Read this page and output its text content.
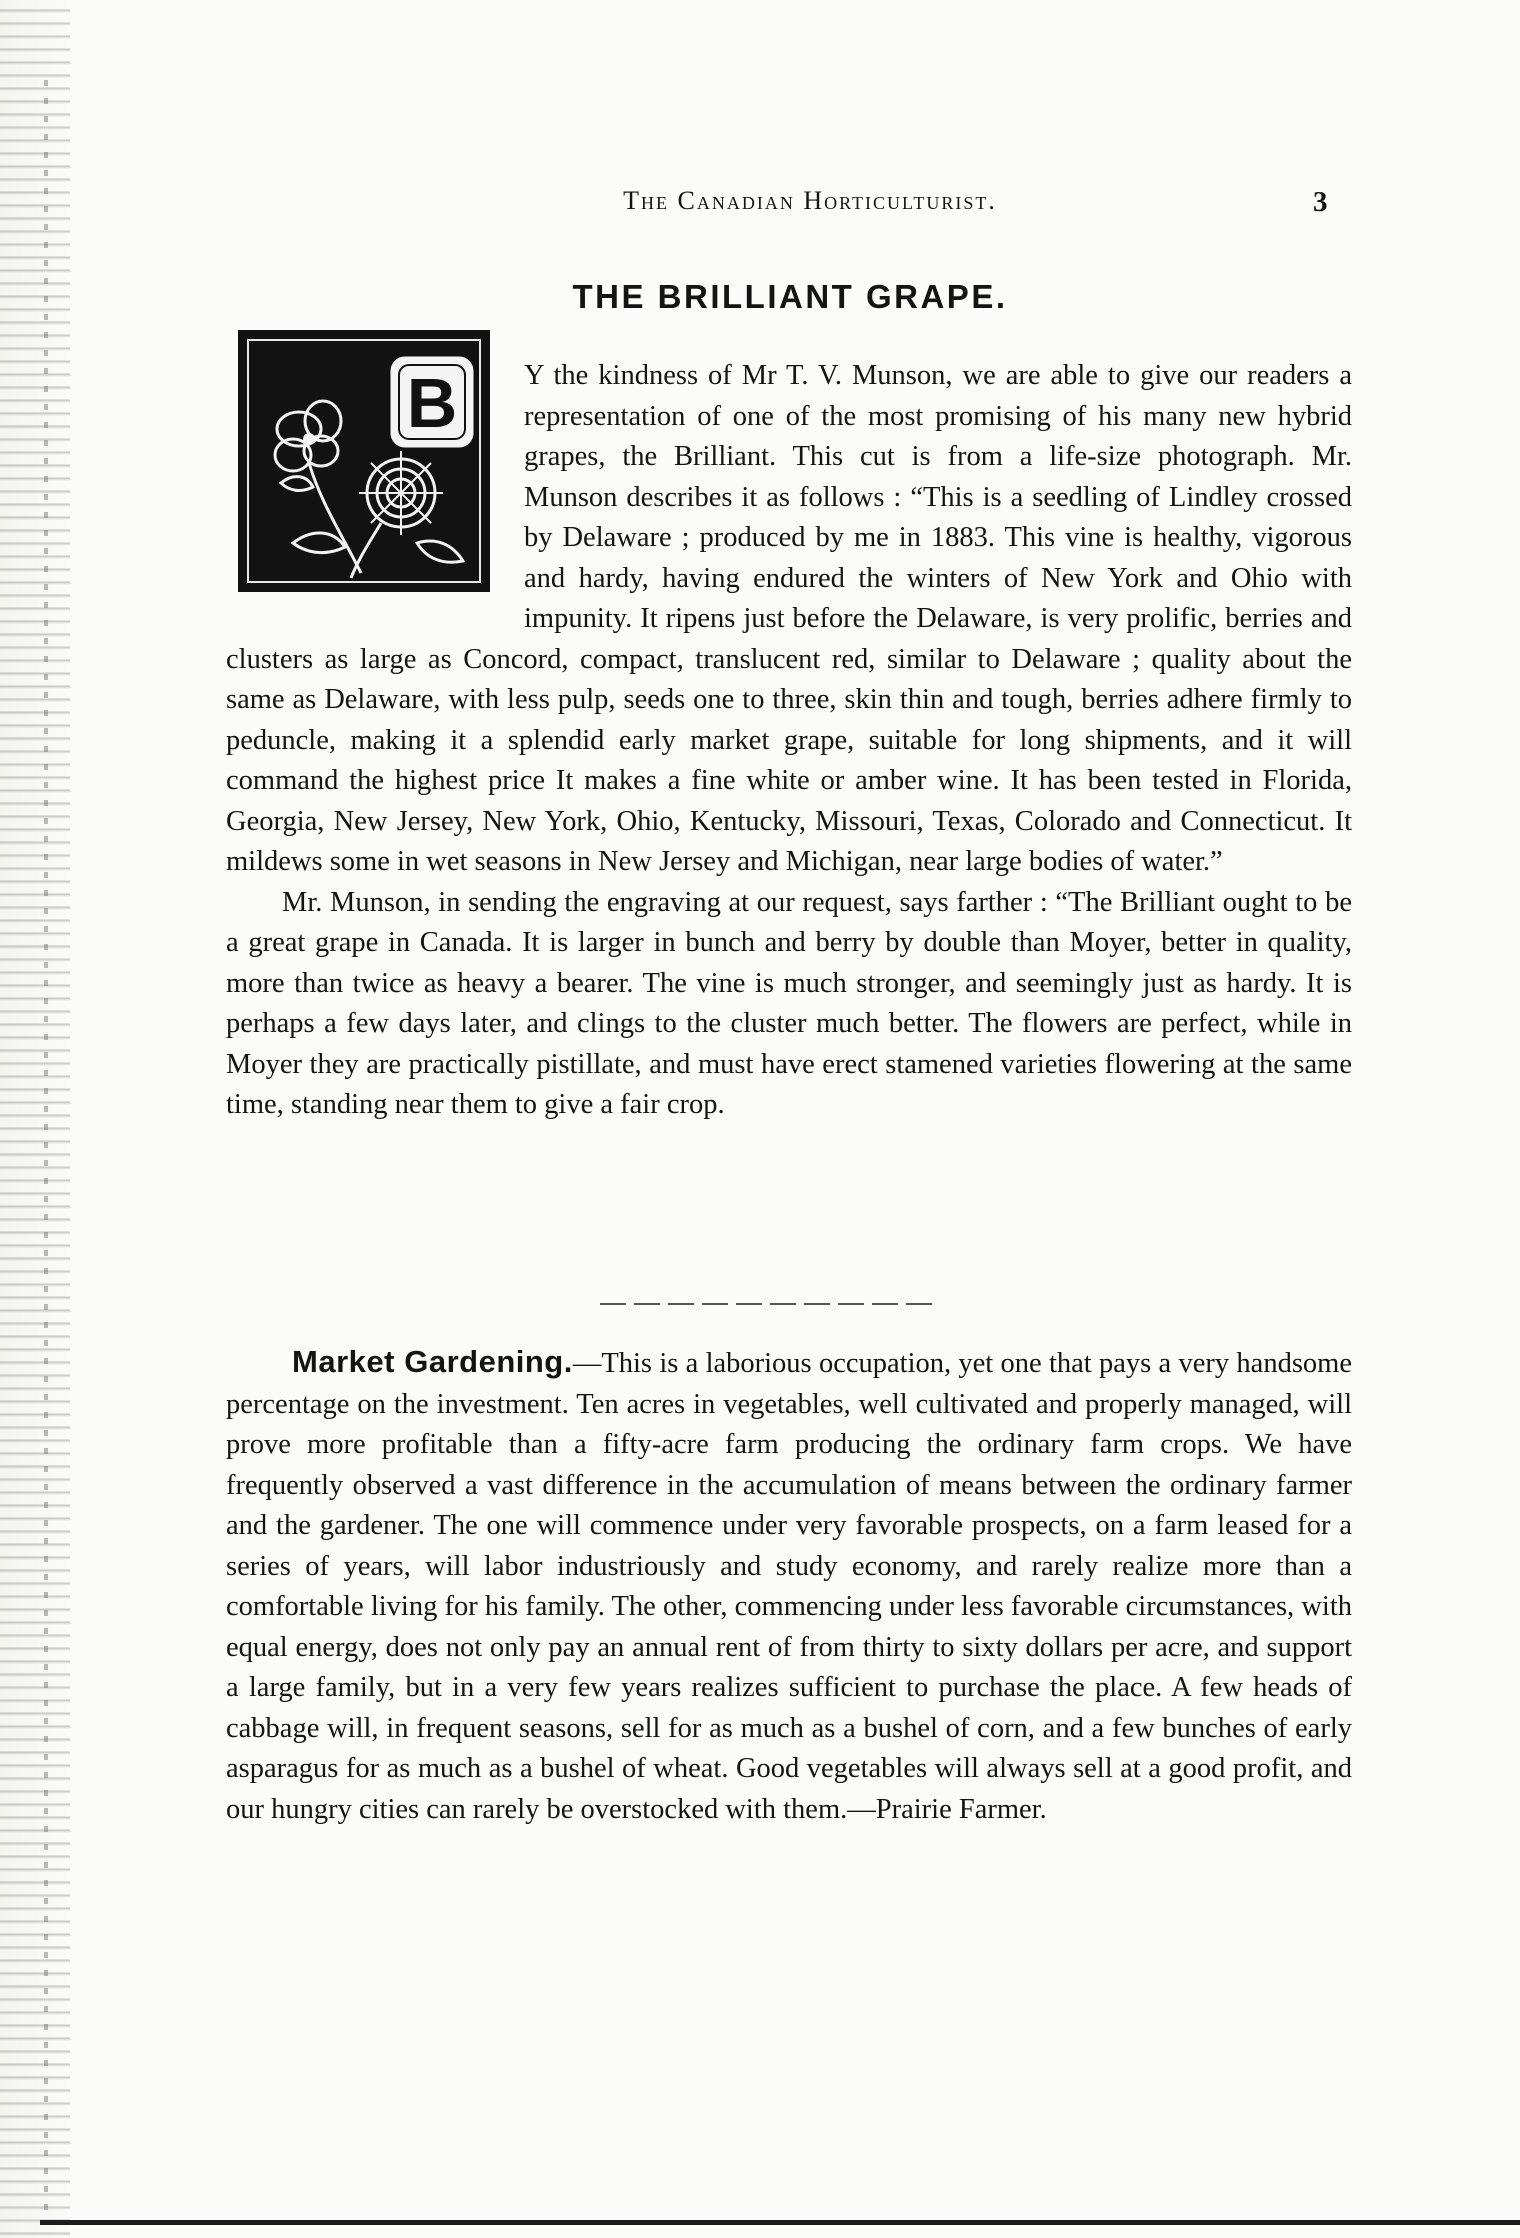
The Canadian Horticulturist.	3
THE BRILLIANT GRAPE.
B	Y the kindness of Mr T. V. Munson, we are able to give our readers a representation of one of the most promising of his many new hybrid grapes, the Brilliant. This cut is from a life-size photograph. Mr. Munson describes it as follows : “This is a seedling of Lindley crossed by Delaware ; produced by me in 1883. This vine is healthy, vigorous and hardy, having endured the winters of New York and Ohio with impunity. It ripens just before the Delaware, is very prolific, berries and clusters as large as Concord, compact, translucent red, similar to Delaware ; quality about the same as Delaware, with less pulp, seeds one to three, skin thin and tough, berries adhere firmly to peduncle, making it a splendid early market grape, suitable for long shipments, and it will command the highest price It makes a fine white or amber wine. It has been tested in Florida, Georgia, New Jersey, New York, Ohio, Kentucky, Missouri, Texas, Colorado and Connecticut. It mildews some in wet seasons in New Jersey and Michigan, near large bodies of water.”

Mr. Munson, in sending the engraving at our request, says farther : “The Brilliant ought to be a great grape in Canada. It is larger in bunch and berry by double than Moyer, better in quality, more than twice as heavy a bearer. The vine is much stronger, and seemingly just as hardy. It is perhaps a few days later, and clings to the cluster much better. The flowers are perfect, while in Moyer they are practically pistillate, and must have erect stamened varieties flowering at the same time, standing near them to give a fair crop.

Market Gardening.—This is a laborious occupation, yet one that pays a very handsome percentage on the investment. Ten acres in vegetables, well cultivated and properly managed, will prove more profitable than a fifty-acre farm producing the ordinary farm crops. We have frequently observed a vast difference in the accumulation of means between the ordinary farmer and the gardener. The one will commence under very favorable prospects, on a farm leased for a series of years, will labor industriously and study economy, and rarely realize more than a comfortable living for his family. The other, commencing under less favorable circumstances, with equal energy, does not only pay an annual rent of from thirty to sixty dollars per acre, and support a large family, but in a very few years realizes sufficient to purchase the place. A few heads of cabbage will, in frequent seasons, sell for as much as a bushel of corn, and a few bunches of early asparagus for as much as a bushel of wheat. Good vegetables will always sell at a good profit, and our hungry cities can rarely be overstocked with them.—Prairie Farmer.
